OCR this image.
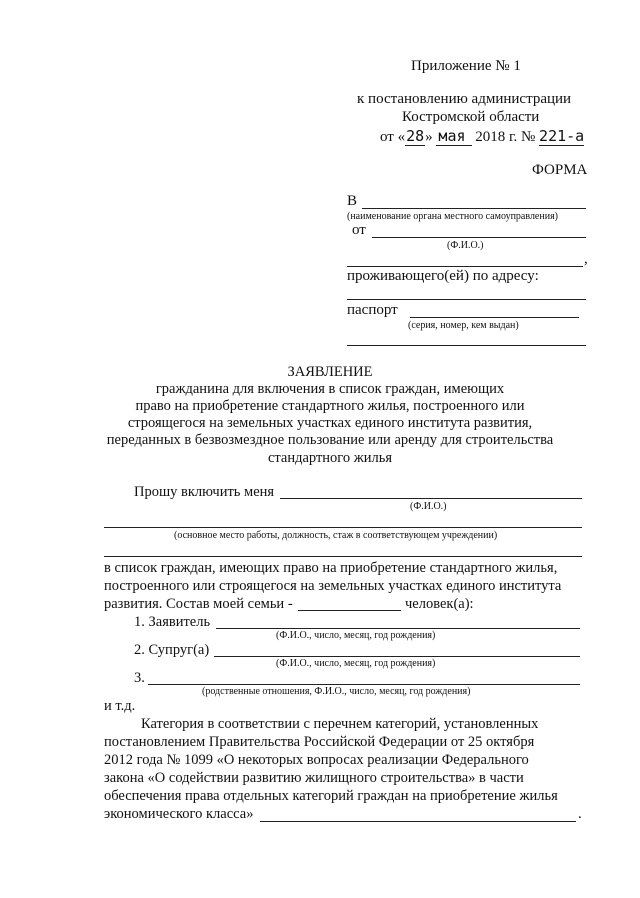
Приложение № 1
к постановлению администрации
Костромской области
от «28» мая 2018 г. № 221-а
ФОРМА
В
(наименование органа местного самоуправления)
от
(Ф.И.О.)
,
проживающего(ей) по адресу:
паспорт
(серия, номер, кем выдан)
ЗАЯВЛЕНИЕ
гражданина для включения в список граждан, имеющих
право на приобретение стандартного жилья, построенного или
строящегося на земельных участках единого института развития,
переданных в безвозмездное пользование или аренду для строительства
стандартного жилья
Прошу включить меня
(Ф.И.О.)
(основное место работы, должность, стаж в соответствующем учреждении)
в список граждан, имеющих право на приобретение стандартного жилья,
построенного или строящегося на земельных участках единого института
развития. Состав моей семьи -	человек(а):
1. Заявитель
(Ф.И.О., число, месяц, год рождения)
2. Супруг(а)
(Ф.И.О., число, месяц, год рождения)
3.
(родственные отношения, Ф.И.О., число, месяц, год рождения)
и т.д.
Категория в соответствии с перечнем категорий, установленных
постановлением Правительства Российской Федерации от 25 октября
2012 года № 1099 «О некоторых вопросах реализации Федерального
закона «О содействии развитию жилищного строительства» в части
обеспечения права отдельных категорий граждан на приобретение жилья
экономического класса»	.
